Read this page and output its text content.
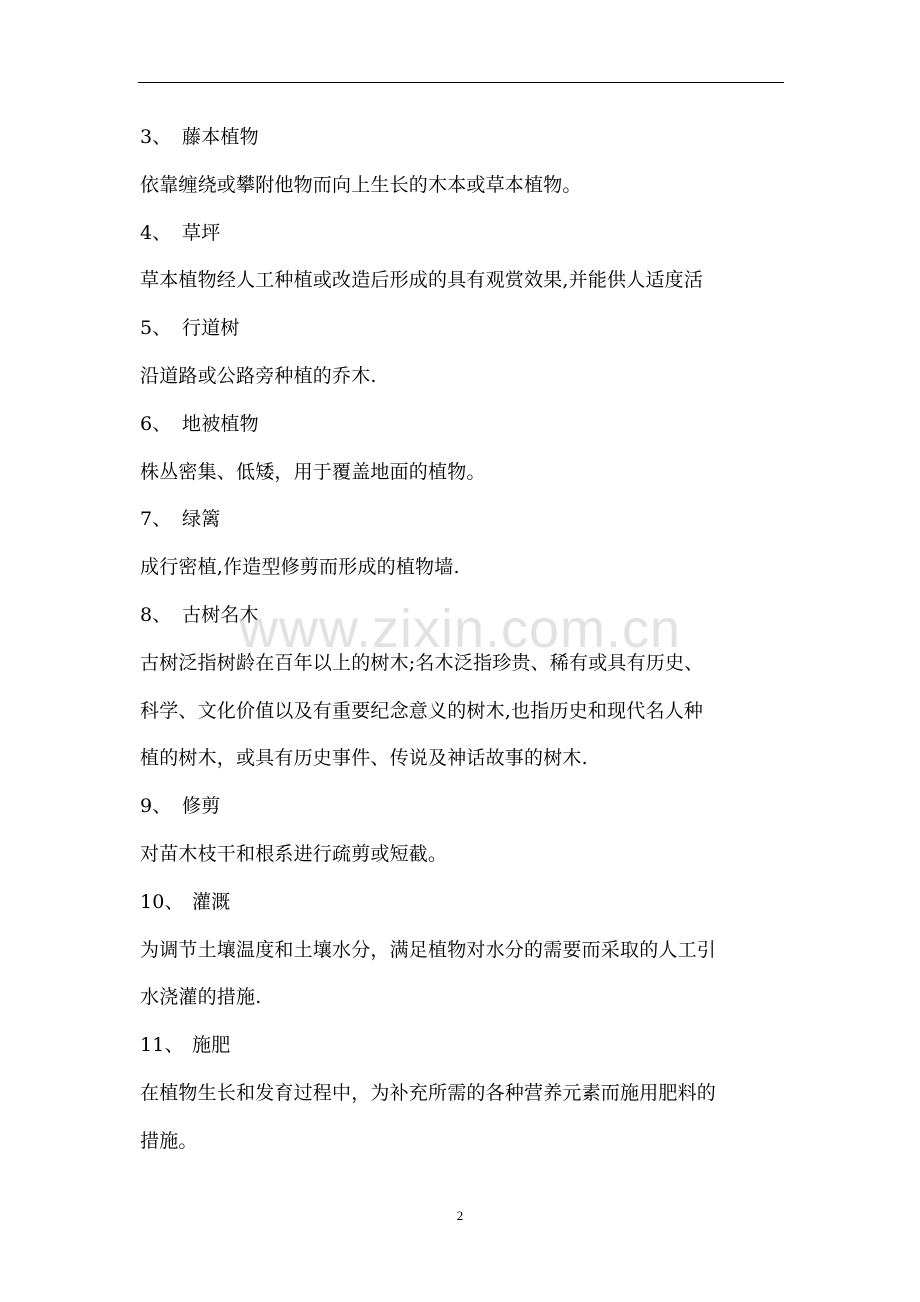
3、 藤本植物
依靠缠绕或攀附他物而向上生长的木本或草本植物。
4、 草坪
草本植物经人工种植或改造后形成的具有观赏效果,并能供人适度活
5、 行道树
沿道路或公路旁种植的乔木.
6、 地被植物
株丛密集、低矮，用于覆盖地面的植物。
7、 绿篱
成行密植,作造型修剪而形成的植物墙.
8、 古树名木
古树泛指树龄在百年以上的树木;名木泛指珍贵、稀有或具有历史、
科学、文化价值以及有重要纪念意义的树木,也指历史和现代名人种
植的树木，或具有历史事件、传说及神话故事的树木.
9、 修剪
对苗木枝干和根系进行疏剪或短截。
10、 灌溉
为调节土壤温度和土壤水分，满足植物对水分的需要而采取的人工引
水浇灌的措施.
11、 施肥
在植物生长和发育过程中，为补充所需的各种营养元素而施用肥料的
措施。
www.zixin.com.cn
2
